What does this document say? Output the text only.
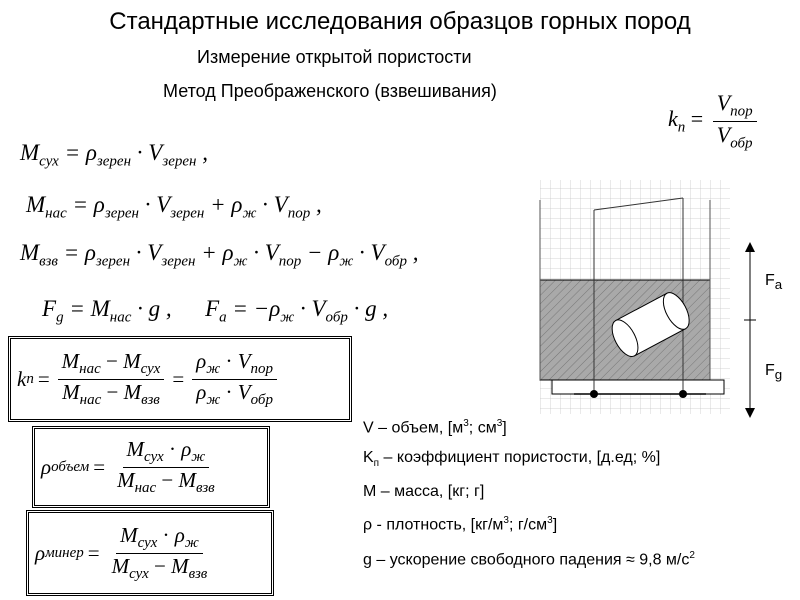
Стандартные исследования образцов горных пород
Измерение открытой пористости
Метод Преображенского (взвешивания)
$k_п = \frac{V_{пор}}{V_{обр}}$
$M_{сух} = \rho_{зерен} \cdot V_{зерен}$ ,
$M_{нас} = \rho_{зерен} \cdot V_{зерен} + \rho_ж \cdot V_{пор}$ ,
$M_{взв} = \rho_{зерен} \cdot V_{зерен} + \rho_ж \cdot V_{пор} - \rho_ж \cdot V_{обр}$ ,
$F_g = M_{нас} \cdot g$ , $F_a = -\rho_ж \cdot V_{обр} \cdot g$ ,
k $п = \frac{M_{нас} - M_{сух}}{M_{нас} - M_{взв}} = \frac{\rho_ж \cdot V_{пор}}{\rho_ж \cdot V_{обр}}$
ρ объем = $\frac{M_{сух} \cdot \rho_ж}{M_{нас} - M_{взв}}$
ρ минер = $\frac{M_{сух} \cdot \rho_ж}{M_{сух} - M_{взв}}$
$F_a$
$F_g$
V – объем, [$м^3$; $см^3$]
$K_п$ – коэффициент пористости, [д.ед; %]
M – масса, [кг; г]
ρ - плотность, [$кг/м^3$; $г/см^3$]
g – ускорение свободного падения ≈ 9,8 $м/с^2$
